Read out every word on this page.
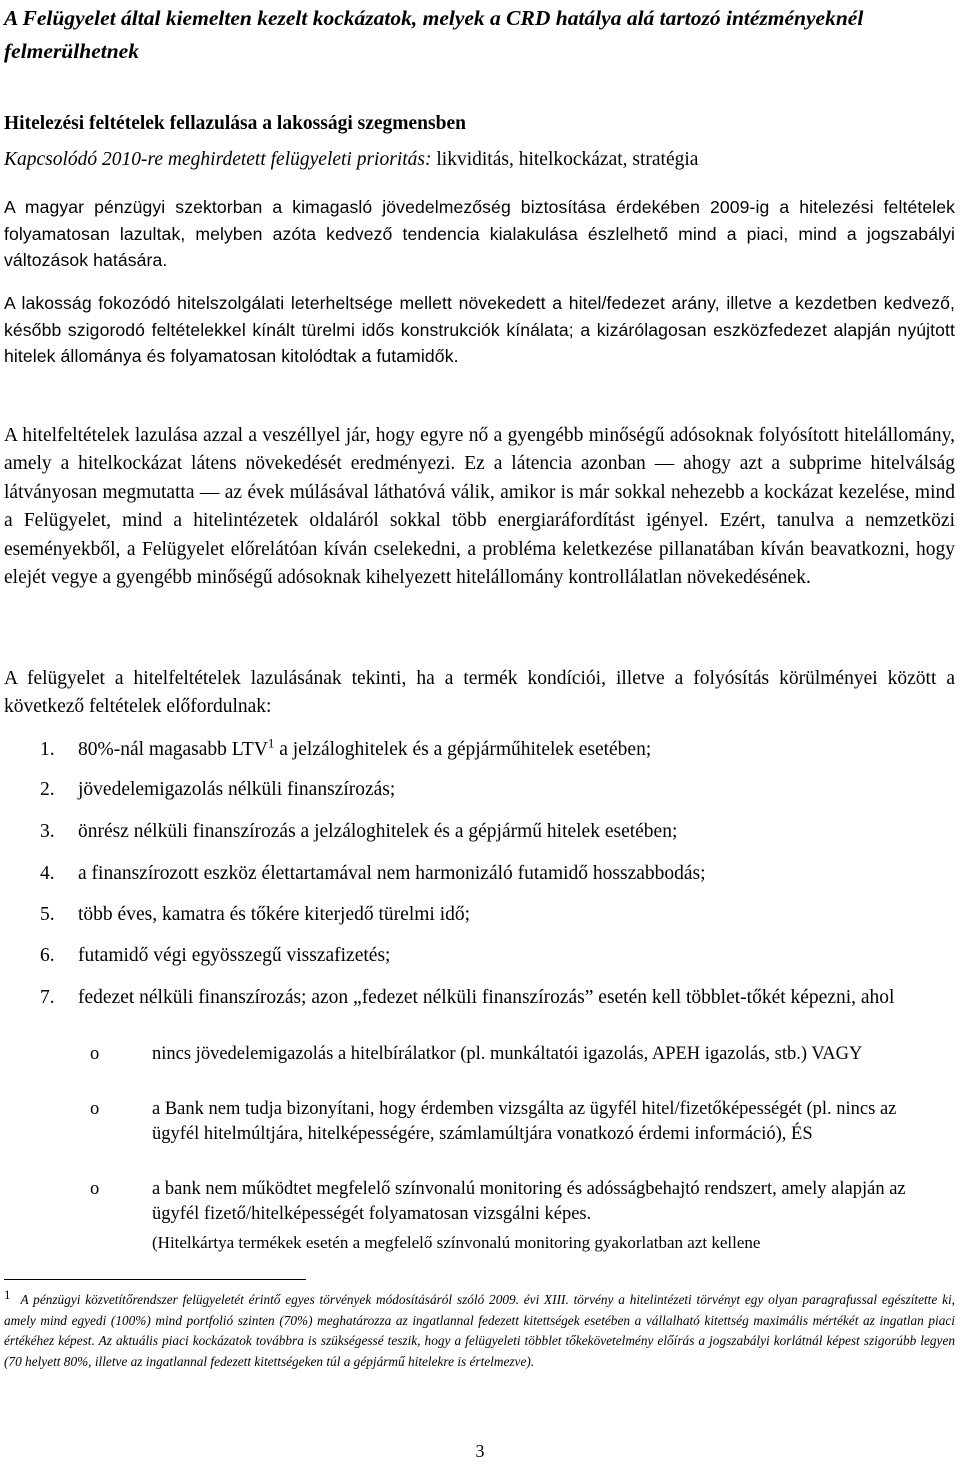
A Felügyelet által kiemelten kezelt kockázatok, melyek a CRD hatálya alá tartozó intézményeknél felmerülhetnek
Hitelezési feltételek fellazulása a lakossági szegmensben
Kapcsolódó 2010-re meghirdetett felügyeleti prioritás: likviditás, hitelkockázat, stratégia
A magyar pénzügyi szektorban a kimagasló jövedelmezőség biztosítása érdekében 2009-ig a hitelezési feltételek folyamatosan lazultak, melyben azóta kedvező tendencia kialakulása észlelhető mind a piaci, mind a jogszabályi változások hatására.
A lakosság fokozódó hitelszolgálati leterheltsége mellett növekedett a hitel/fedezet arány, illetve a kezdetben kedvező, később szigorodó feltételekkel kínált türelmi idős konstrukciók kínálata; a kizárólagosan eszközfedezet alapján nyújtott hitelek állománya és folyamatosan kitolódtak a futamidők.
A hitelfeltételek lazulása azzal a veszéllyel jár, hogy egyre nő a gyengébb minőségű adósoknak folyósított hitelállomány, amely a hitelkockázat látens növekedését eredményezi. Ez a látencia azonban ― ahogy azt a subprime hitelválság látványosan megmutatta ― az évek múlásával láthatóvá válik, amikor is már sokkal nehezebb a kockázat kezelése, mind a Felügyelet, mind a hitelintézetek oldaláról sokkal több energiaráfordítást igényel. Ezért, tanulva a nemzetközi eseményekből, a Felügyelet előrelátóan kíván cselekedni, a probléma keletkezése pillanatában kíván beavatkozni, hogy elejét vegye a gyengébb minőségű adósoknak kihelyezett hitelállomány kontrollálatlan növekedésének.
A felügyelet a hitelfeltételek lazulásának tekinti, ha a termék kondíciói, illetve a folyósítás körülményei között a következő feltételek előfordulnak:
1. 80%-nál magasabb LTV$^1$ a jelzáloghitelek és a gépjárműhitelek esetében;
2. jövedelemigazolás nélküli finanszírozás;
3. önrész nélküli finanszírozás a jelzáloghitelek és a gépjármű hitelek esetében;
4. a finanszírozott eszköz élettartamával nem harmonizáló futamidő hosszabbodás;
5. több éves, kamatra és tőkére kiterjedő türelmi idő;
6. futamidő végi egyösszegű visszafizetés;
7. fedezet nélküli finanszírozás; azon „fedezet nélküli finanszírozás” esetén kell többlet-tőkét képezni, ahol
o	nincs jövedelemigazolás a hitelbírálatkor (pl. munkáltatói igazolás, APEH igazolás, stb.) VAGY
o	a Bank nem tudja bizonyítani, hogy érdemben vizsgálta az ügyfél hitel/fizetőképességét (pl. nincs az ügyfél hitelmúltjára, hitelképességére, számlamúltjára vonatkozó érdemi információ), ÉS
o	a bank nem működtet megfelelő színvonalú monitoring és adósságbehajtó rendszert, amely alapján az ügyfél fizető/hitelképességét folyamatosan vizsgálni képes.
(Hitelkártya termékek esetén a megfelelő színvonalú monitoring gyakorlatban azt kellene
1 A pénzügyi közvetítőrendszer felügyeletét érintő egyes törvények módosításáról szóló 2009. évi XIII. törvény a hitelintézeti törvényt egy olyan paragrafussal egészítette ki, amely mind egyedi (100%) mind portfolió szinten (70%) meghatározza az ingatlannal fedezett kitettségek esetében a vállalható kitettség maximális mértékét az ingatlan piaci értékéhez képest. Az aktuális piaci kockázatok továbbra is szükségessé teszik, hogy a felügyeleti többlet tőkekövetelmény előírás a jogszabályi korlátnál képest szigorúbb legyen (70 helyett 80%, illetve az ingatlannal fedezett kitettségeken túl a gépjármű hitelekre is értelmezve).
3
